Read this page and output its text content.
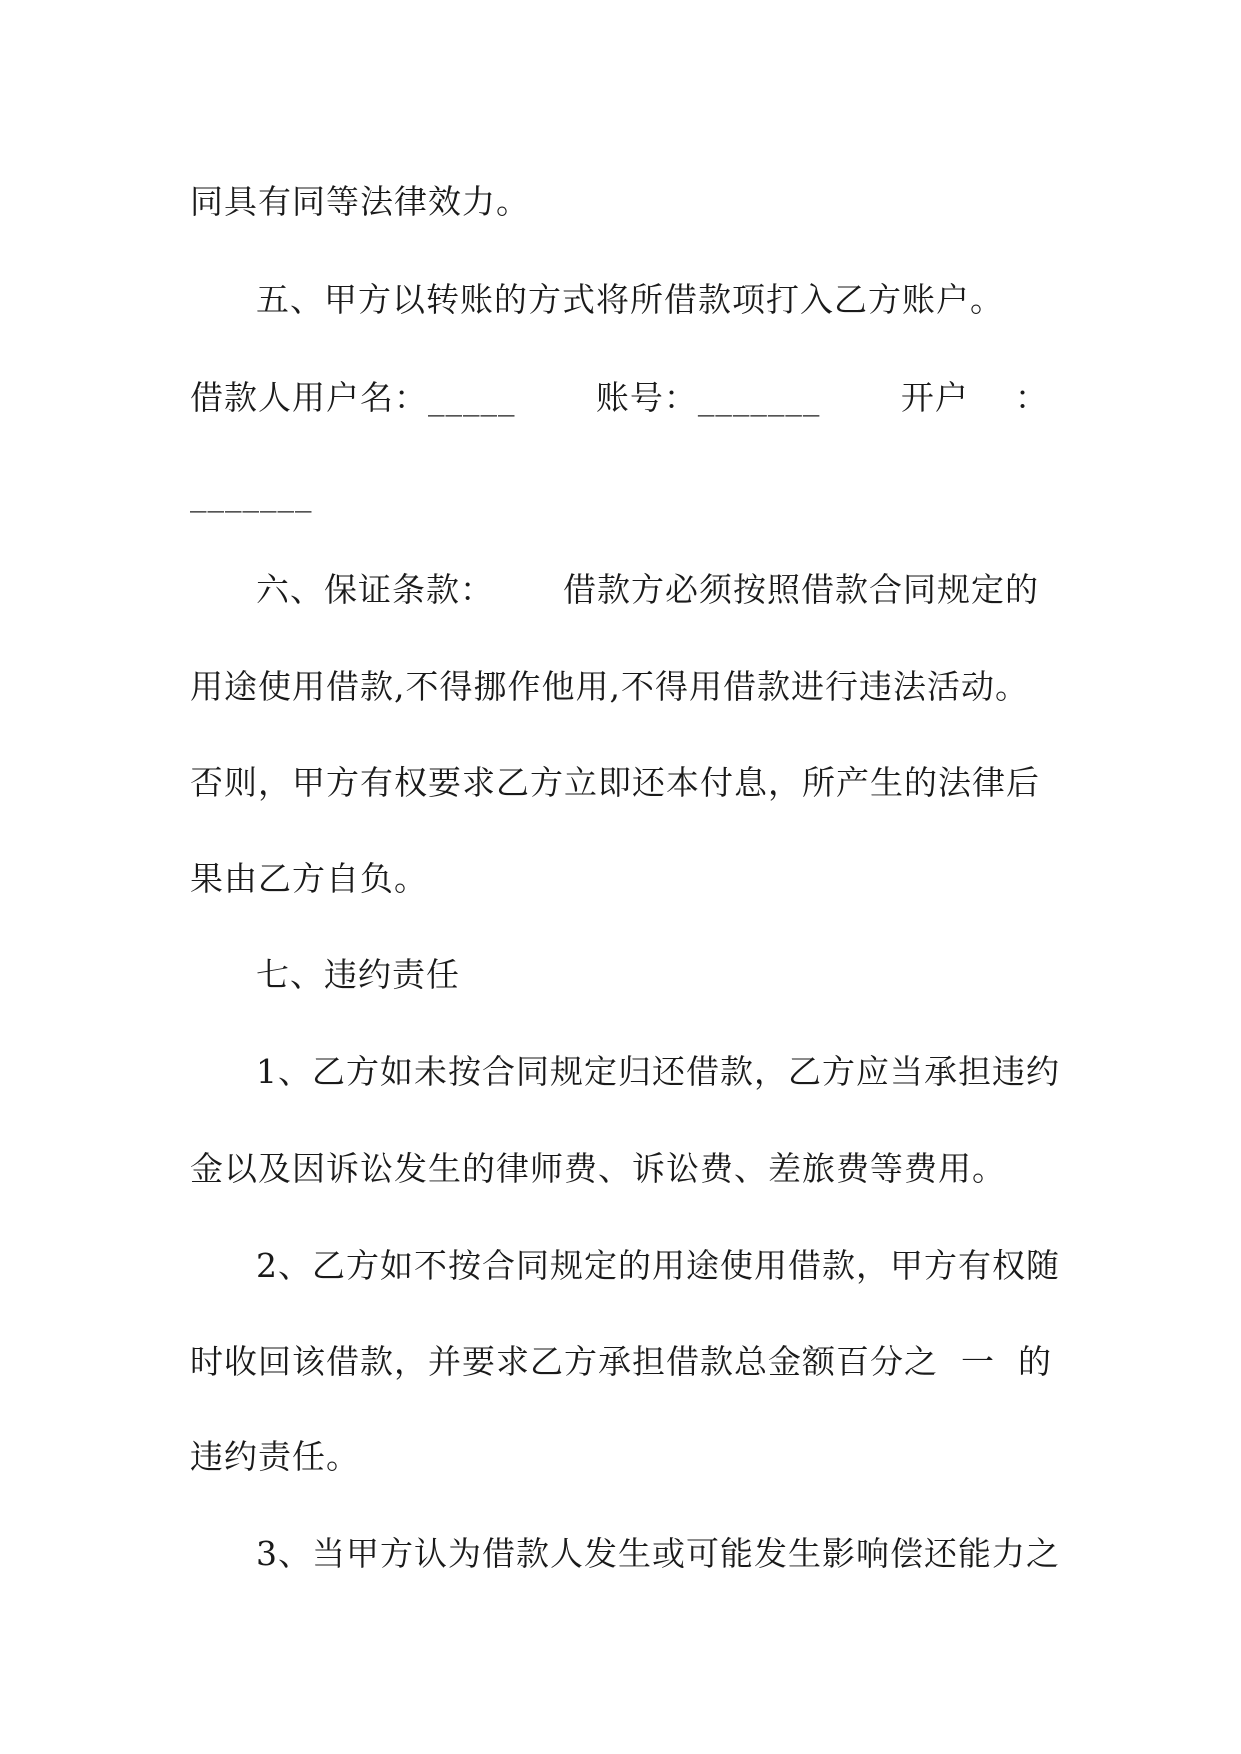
同具有同等法律效力。
五、甲方以转账的方式将所借款项打入乙方账户。
借款人用户名：_____       账号：_______       开户    ：
_______
六、保证条款：      借款方必须按照借款合同规定的
用途使用借款,不得挪作他用,不得用借款进行违法活动。
否则，甲方有权要求乙方立即还本付息，所产生的法律后
果由乙方自负。
七、违约责任
1、乙方如未按合同规定归还借款，乙方应当承担违约
金以及因诉讼发生的律师费、诉讼费、差旅费等费用。
2、乙方如不按合同规定的用途使用借款，甲方有权随
时收回该借款，并要求乙方承担借款总金额百分之  一  的
违约责任。
3、当甲方认为借款人发生或可能发生影响偿还能力之
